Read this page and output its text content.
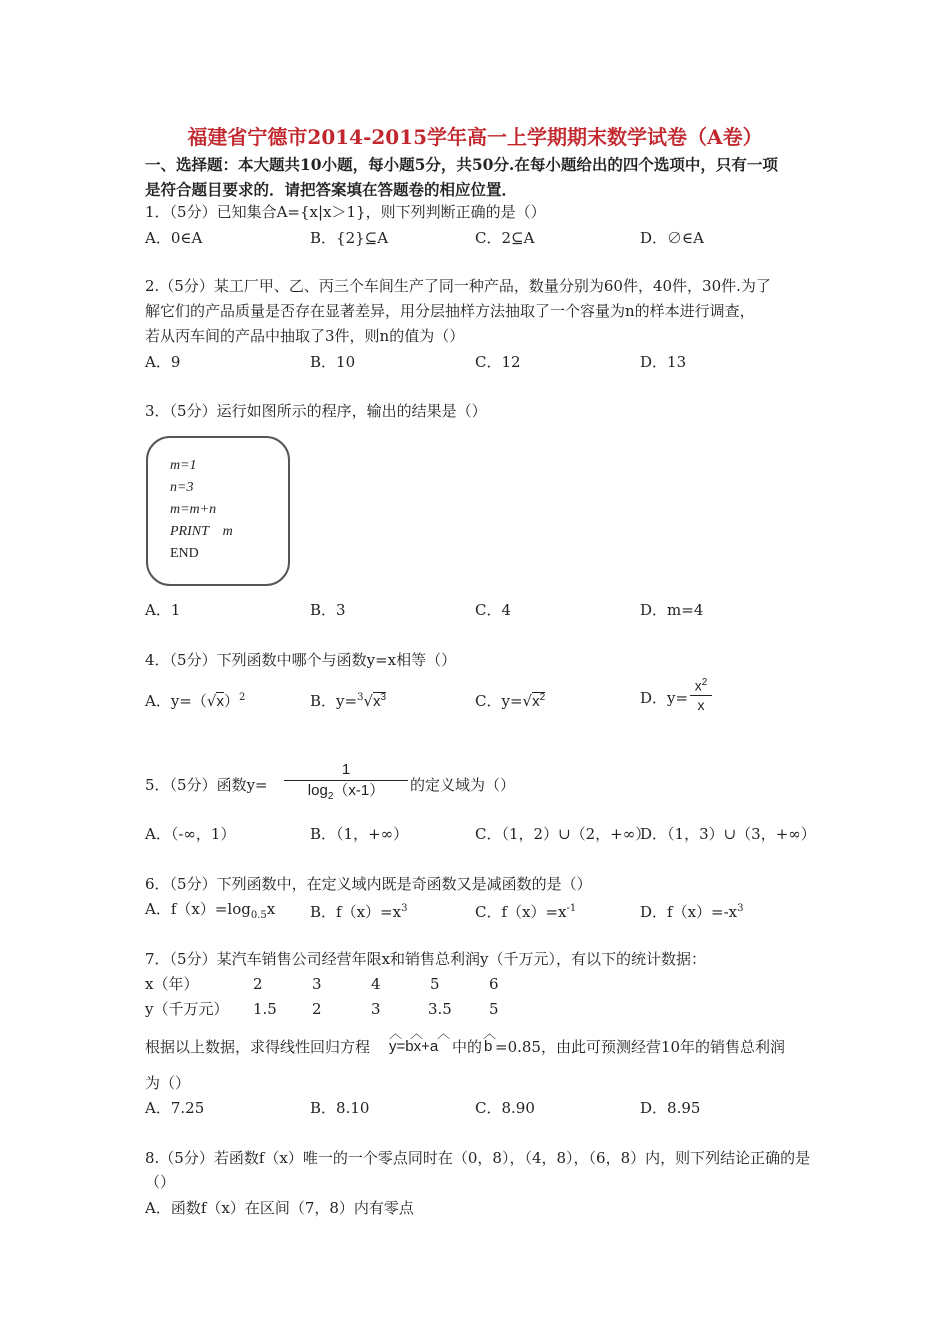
福建省宁德市2014-2015学年高一上学期期末数学试卷（A卷）
一、选择题：本大题共10小题，每小题5分，共50分.在每小题给出的四个选项中，只有一项
是符合题目要求的．请把答案填在答题卷的相应位置．
1．（5分）已知集合A={x|x＞1}，则下列判断正确的是（）
A．0∈A	B．{2}⊆A	C．2⊆A	D．∅∈A
2.（5分）某工厂甲、乙、丙三个车间生产了同一种产品，数量分别为60件，40件，30件.为了
解它们的产品质量是否存在显著差异，用分层抽样方法抽取了一个容量为n的样本进行调查，
若从丙车间的产品中抽取了3件，则n的值为（）
A．9	B．10	C．12	D．13
3．（5分）运行如图所示的程序，输出的结果是（）
m=1
n=3
m=m+n
PRINT    m
END
A．1	B．3	C．4	D．m=4
4．（5分）下列函数中哪个与函数y=x相等（）
A．$y=(√x)^2$	B．$y=^3√x^3$	C．$y=√x^2$	D．$y= \frac{x^2}{x}$
5．（5分）函数$y= \frac{1}{\log_2(x-1)}$ 的定义域为（）
A．（-∞，1）	B．（1，+∞）	C．（1，2）∪（2，+∞）
D．（1，3）∪（3，+∞）
6．（5分）下列函数中，在定义域内既是奇函数又是减函数的是（）
A．$f(x)=\log_{0.5}x$ B．$f(x)=x^3$	C．$f(x)=x^{-1}$	D．$f(x)=-x^3$
7．（5分）某汽车销售公司经营年限x和销售总利润y（千万元），有以下的统计数据：
x（年）	2	3	4	5	6
y（千万元） 1.5 2	3	3.5 5
根据以上数据，求得线性回归方程 y=bx+a
︿ ︿ ︿
中的 b
︿
=0.85，由此可预测经营10年的销售总利润
为（）
A．7.25	B．8.10	C．8.90	D．8.95
8.（5分）若函数f（x）唯一的一个零点同时在（0，8），（4，8），（6，8）内，则下列结论正确的是
（）
A．函数f（x）在区间（7，8）内有零点
